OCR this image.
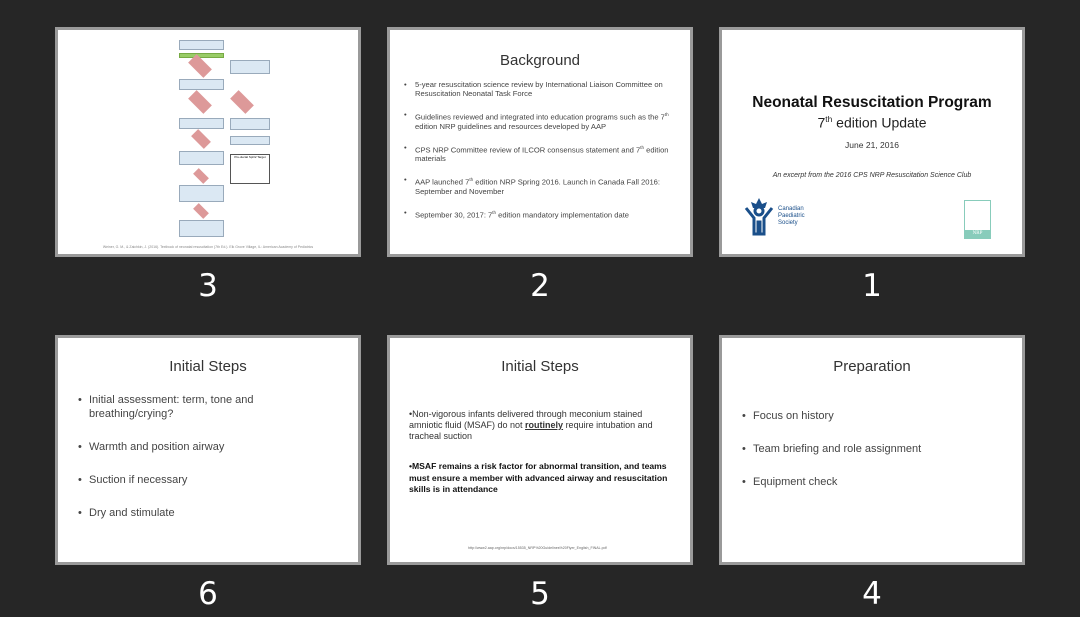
Pre-ductal SpO2 Target
Weiner, G. M., & Zaichkin, J. (2016). Textbook of neonatal resuscitation (7th Ed.). Elk Grove Village, IL: American Academy of Pediatrics
3
Background
• 5-year resuscitation science review by International Liaison Committee on Resuscitation Neonatal Task Force
• Guidelines reviewed and integrated into education programs such as the 7th edition NRP guidelines and resources developed by AAP
• CPS NRP Committee review of ILCOR consensus statement and 7th edition materials
• AAP launched 7th edition NRP Spring 2016. Launch in Canada Fall 2016: September and November
• September 30, 2017: 7th edition mandatory implementation date
2
Neonatal Resuscitation Program
7th edition Update
June 21, 2016
An excerpt from the 2016 CPS NRP Resuscitation Science Club
Canadian
Paediatric
Society
NRP
1
Initial Steps
• Initial assessment: term, tone and breathing/crying?
• Warmth and position airway
• Suction if necessary
• Dry and stimulate
6
Initial Steps
•Non-vigorous infants delivered through meconium stained amniotic fluid (MSAF) do not routinely require intubation and tracheal suction
•MSAF remains a risk factor for abnormal transition, and teams must ensure a member with advanced airway and resuscitation skills is in attendance
http://www2.aap.org/nrp/docs/15535_NRP%20Guidelines%20Flyer_English_FINAL.pdf
5
Preparation
• Focus on history
• Team briefing and role assignment
• Equipment check
4
